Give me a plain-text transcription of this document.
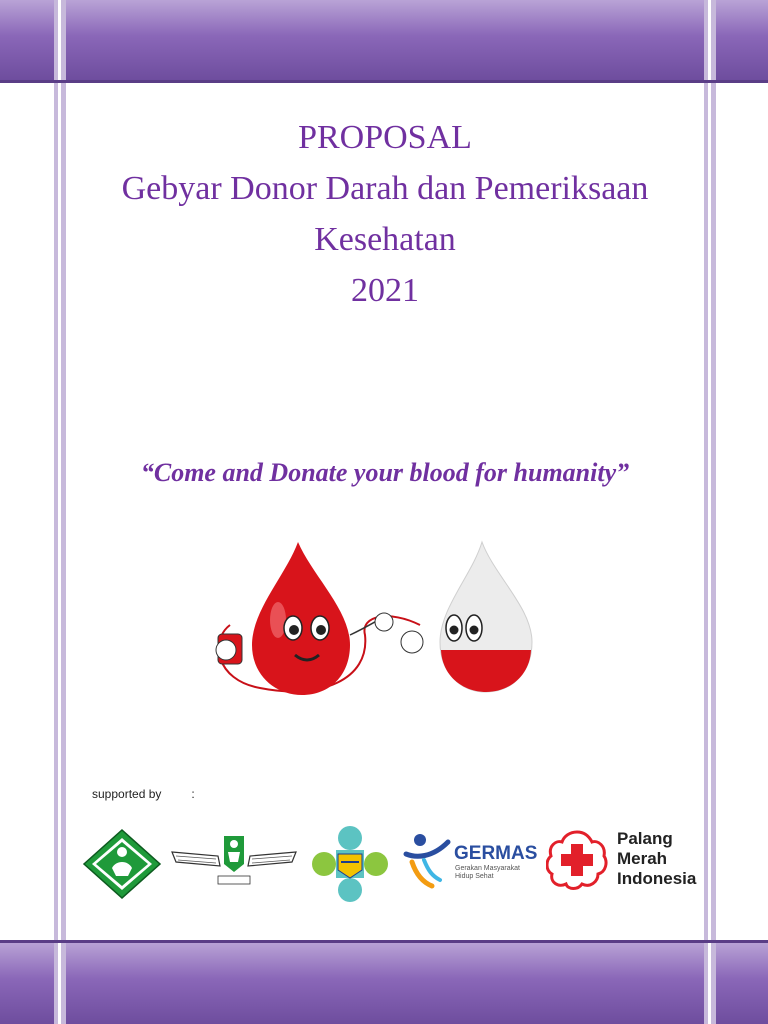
PROPOSAL
Gebyar Donor Darah dan Pemeriksaan
Kesehatan
2021
“Come and Donate your blood for humanity”
supported by	:
GERMAS
Gerakan Masyarakat
Hidup Sehat
Palang
Merah
Indonesia
